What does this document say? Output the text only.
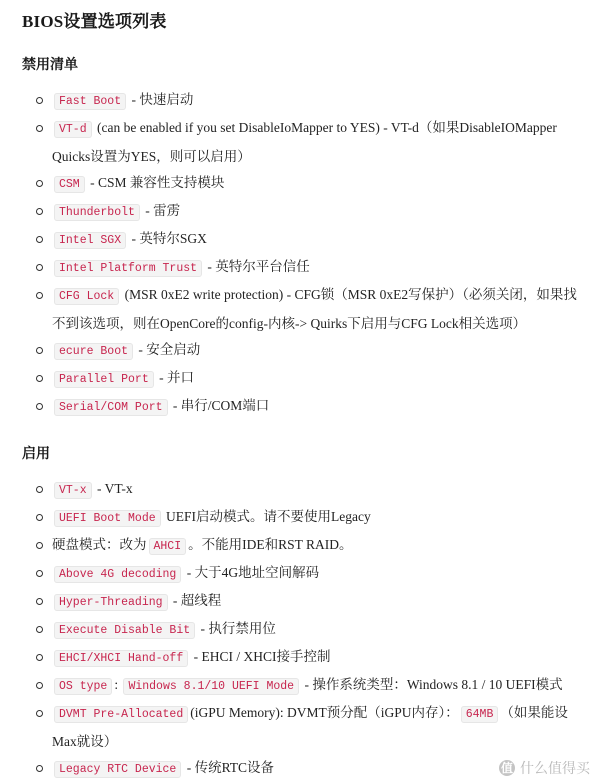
BIOS设置选项列表
禁用清单
Fast Boot - 快速启动
VT-d (can be enabled if you set DisableIoMapper to YES) - VT-d（如果DisableIOMapper Quicks设置为YES，则可以启用）
CSM - CSM 兼容性支持模块
Thunderbolt - 雷雳
Intel SGX - 英特尔SGX
Intel Platform Trust - 英特尔平台信任
CFG Lock (MSR 0xE2 write protection) - CFG锁（MSR 0xE2写保护）（必须关闭，如果找不到该选项，则在OpenCore的config-内核-> Quirks下启用与CFG Lock相关选项）
ecure Boot - 安全启动
Parallel Port - 并口
Serial/COM Port - 串行/COM端口
启用
VT-x - VT-x
UEFI Boot Mode UEFI启动模式。请不要使用Legacy
硬盘模式：改为 AHCI 。不能用IDE和RST RAID。
Above 4G decoding - 大于4G地址空间解码
Hyper-Threading - 超线程
Execute Disable Bit - 执行禁用位
EHCI/XHCI Hand-off - EHCI / XHCI接手控制
OS type : Windows 8.1/10 UEFI Mode - 操作系统类型：Windows 8.1 / 10 UEFI模式
DVMT Pre-Allocated (iGPU Memory): DVMT预分配（iGPU内存）： 64MB （如果能设Max就设）
Legacy RTC Device - 传统RTC设备	值 什么值得买
